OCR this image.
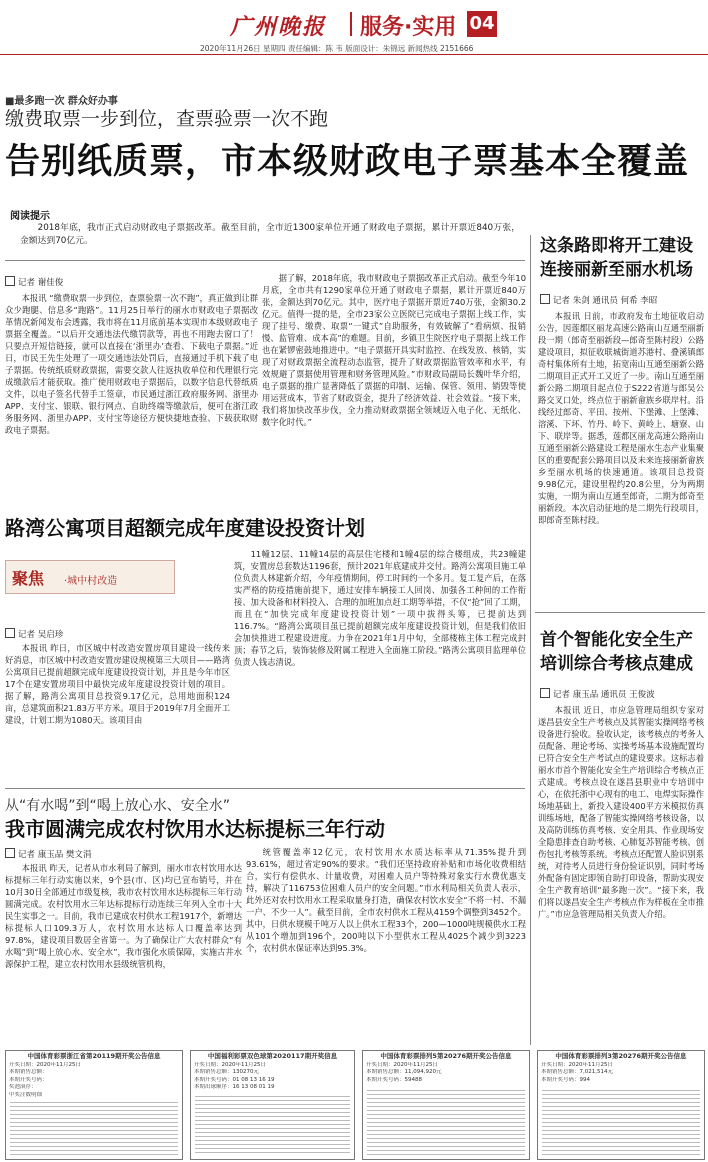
广州晚报 服务·实用 04
2020年11月26日 星期四 责任编辑：陈 韦 版面设计：朱锦远 新闻热线 2151666
■最多跑一次 群众好办事
缴费取票一步到位，查票验票一次不跑
告别纸质票，市本级财政电子票基本全覆盖
阅读提示

2018年底，我市正式启动财政电子票据改革。截至目前，全市近1300家单位开通了财政电子票据，累计开票近840万张，金额达到70亿元。

记者 谢佳俊

本报讯 “缴费取票一步到位，查票验票一次不跑”，真正做到让群众少跑腿、信息多“跑路”。11月25日举行的丽水市财政电子票据改革情况新闻发布会透露，我市将在11月底前基本实现市本级财政电子票据全覆盖。“以后开交通违法代缴罚款等，再也不用跑去窗口了！只要点开短信链接，就可以直接在‘浙里办’查看、下载电子票据。”近日，市民王先生处理了一项交通违法处罚后，直接通过手机下载了电子票据。传统纸质财政票据，需要交款人往返执收单位和代理银行完成缴款后才能获取。推广使用财政电子票据后，以数字信息代替纸质文件，以电子签名代替手工签章，市民通过浙江政府服务网、浙里办APP、支付宝、银联、银行网点、自助终端等缴款后，便可在浙江政务服务网、浙里办APP、支付宝等途径方便快捷地查验、下载获取财政电子票据。

据了解，2018年底，我市财政电子票据改革正式启动。截至今年10月底，全市共有1290家单位开通了财政电子票据，累计开票近840万张，金额达到70亿元。其中，医疗电子票据开票近740万张，金额30.2亿元。值得一提的是，全市23家公立医院已完成电子票据上线工作，实现了挂号、缴费、取票“一键式”自助服务，有效破解了“看病烦、报销慢、监管难、成本高”的难题。目前，乡镇卫生院医疗电子票据上线工作也在紧锣密鼓地推进中。“电子票据开具实时监控、在线发放、核销，实现了对财政票据全流程动态监管，提升了财政票据监管效率和水平，有效规避了票据使用管理和财务管理风险。”市财政局副局长魏叶华介绍，电子票据的推广显著降低了票据的印制、运输、保管、领用、销毁等使用运营成本，节省了财政资金，提升了经济效益、社会效益。“接下来，我们将加快改革步伐，全力推动财政票据全领域迈入电子化、无纸化、数字化时代。”

路湾公寓项目超额完成年度建设投资计划
聚焦 ·城中村改造
记者 吴启珍

本报讯 昨日，市区城中村改造安置房项目建设一线传来好消息，市区城中村改造安置房建设规模第三大项目——路湾公寓项目已提前超额完成年度建设投资计划，并且是今年市区17个在建安置房项目中最快完成年度建设投资计划的项目。据了解，路湾公寓项目总投资9.17亿元，总用地面积124亩，总建筑面积21.83万平方米。项目于2019年7月全面开工建设，计划工期为1080天。该项目由

11幢12层、11幢14层的高层住宅楼和1幢4层的综合楼组成，共23幢建筑，安置房总套数达1196套，预计2021年底建成并交付。路湾公寓项目施工单位负责人林建新介绍，今年疫情期间，停工时间约一个多月。复工复产后，在落实严格的防疫措施前提下，通过安排车辆接工人回岗、加强各工种间的工作衔接、加大设备和材料投入、合理的加班加点赶工期等举措，不仅“抢”回了工期，而且在“加快完成年度建设投资计划”一项中拔得头筹，已提前达到116.7%。“路湾公寓项目虽已提前超额完成年度建设投资计划，但是我们依旧会加快推进工程建设进度。力争在2021年1月中旬，全部楼栋主体工程完成封顶；春节之后，装饰装修及附属工程进入全面施工阶段。”路湾公寓项目监理单位负责人钱志清说。

从“有水喝”到“喝上放心水、安全水”
我市圆满完成农村饮用水达标提标三年行动
记者 康玉品 樊文涓

本报讯 昨天，记者从市水利局了解到，丽水市农村饮用水达标提标三年行动实施以来，9个县(市、区)均已宣布销号，并在10月30日全部通过市级复核，我市农村饮用水达标提标三年行动圆满完成。农村饮用水三年达标提标行动连续三年列入全市十大民生实事之一。目前，我市已建成农村供水工程1917个，新增达标提标人口109.3万人，农村饮用水达标人口覆盖率达到97.8%，建设项目数居全省第一。为了确保让广大农村群众“有水喝”到“喝上放心水、安全水”，我市强化水质保障，实施古井水源保护工程，建立农村饮用水县级统管机构，

统管覆盖率12亿元，农村饮用水水质达标率从71.35%提升到93.61%，超过省定90%的要求。“我们还坚持政府补贴和市场化收费相结合，实行有偿供水、计量收费，对困难人员户等特殊对象实行水费优惠支持，解决了116753位困难人员户的安全问题。”市水利局相关负责人表示，此外还对农村饮用水工程采取量身打造，确保农村饮水安全“不将一村、不漏一户、不少一人”。截至目前，全市农村供水工程从4159个调整到3452个。其中，日供水规模千吨万人以上供水工程33个，200—1000吨规模供水工程从101个增加到196个，200吨以下小型供水工程从4025个减少到3223个，农村供水保证率达到95.3%。

这条路即将开工建设 连接丽新至丽水机场
记者 朱剑 通讯员 何希 李昭

本报讯 日前，市政府发布土地征收启动公告，因莲都区丽龙高速公路南山互通至丽新段一期（郎奇至丽新段—郎奇至陈村段）公路建设项目，拟征收联城街道苏港村、叠溪镇郎奇村集体所有土地，拓宽南山互通至丽新公路二期项目正式开工又近了一步。南山互通至丽新公路二期项目起点位于S222省道与郎吴公路交叉口处，终点位于丽新畲族乡联岸村。沿线经过郎奇、平田、按州、下堡滩、上堡滩、溶溪、下坏、竹丹、岭下、黄岭上、塘寮、山下、联岸等。据悉，莲都区丽龙高速公路南山互通至丽新公路建设工程是丽水生态产业集聚区的重要配套公路项目以及未来连接丽新畲族乡至丽水机场的快速通道。该项目总投资9.98亿元，建设里程约20.8公里，分为两期实施，一期为南山互通至郎奇，二期为郎奇至丽新段。本次启动征地的是二期先行段项目，即郎奇至陈村段。

首个智能化安全生产 培训综合考核点建成
记者 康玉品 通讯员 王俊波

本报讯 近日，市应急管理局组织专家对遂昌县安全生产考核点及其智能实操网络考核设备进行验收。验收认定，该考核点的考务人员配备、理论考场、实操考场基本设施配置均已符合安全生产考试点的建设要求。这标志着丽水市首个智能化安全生产培训综合考核点正式建成。考核点设在遂昌县职业中专培训中心，在依托浙中心现有的电工、电焊实际操作场地基础上，新投入建设400平方米模拟仿真训练场地，配备了智能实操网络考核设备，以及高防训练仿真考核、安全用具、作业现场安全隐患排查自助考核、心肺复苏智能考核、创伤包扎考核等系统。考核点还配置人脸识别系统，对待考人员进行身份验证识别，同时考场外配备有固定即领自助打印设备，帮助实现安全生产教育培训“最多跑一次”。“接下来，我们将以遂昌安全生产考核点作为样板在全市推广。”市应急管理局相关负责人介绍。

中国体育彩票浙江省第20119期开奖公告信息
开奖日期：2020年11月25日
本期销售总额：
本期开奖号码：
奖池滚存：
中奖注数明细
中国福利彩票双色球第2020117期开奖信息
开奖日期：2020年11月25日
本期销售总额：130270元
本期开奖号码：01 08 13 16 19
本期出球顺序：16 13 08 01 19
中国体育彩票排列5第20276期开奖公告信息
开奖日期：2020年11月25日
本期销售总额：11,094,920元
本期开奖号码：59488
中国体育彩票排列3第20276期开奖公告信息
开奖日期：2020年11月25日
本期销售总额：7,021,514元
本期开奖号码：994
